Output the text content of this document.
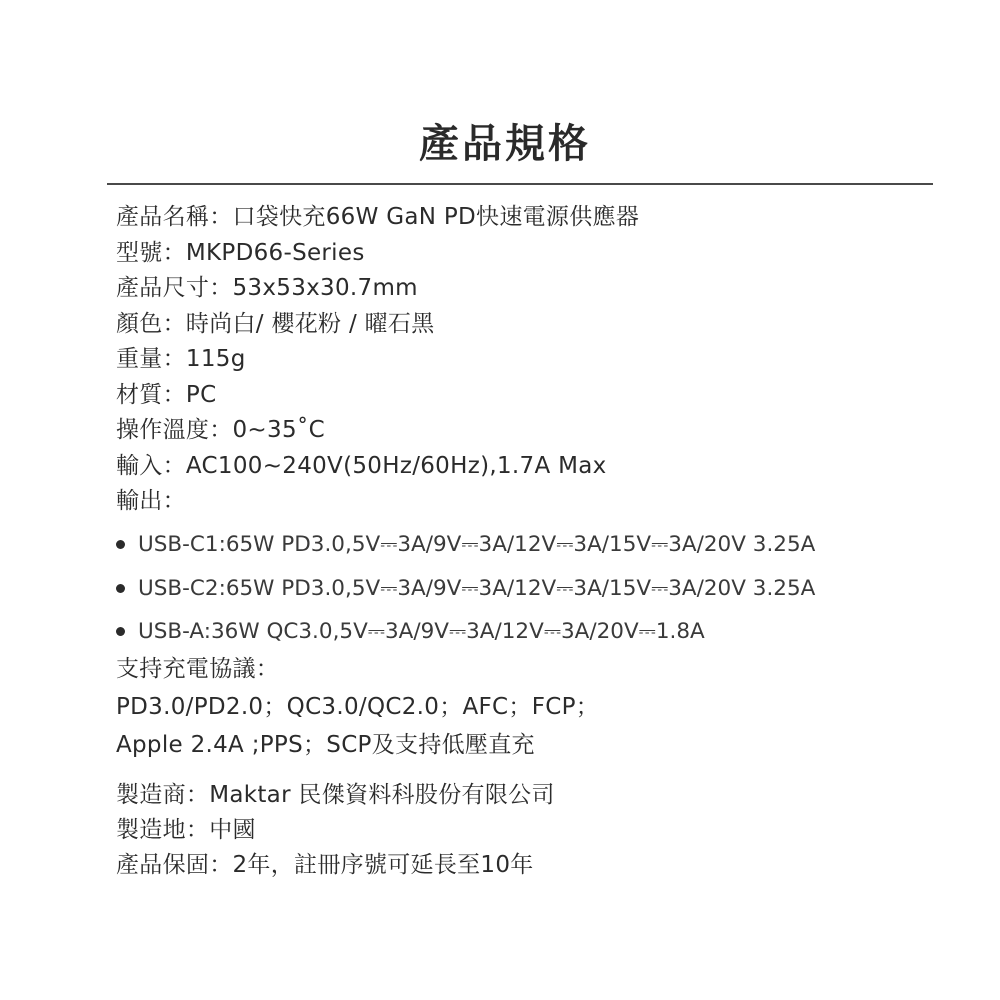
產品規格
產品名稱：口袋快充66W GaN PD快速電源供應器
型號：MKPD66-Series
產品尺寸：53x53x30.7mm
顏色：時尚白/ 櫻花粉 / 曜石黑
重量：115g
材質：PC
操作溫度：0~35˚C
輸入：AC100~240V(50Hz/60Hz),1.7A Max
輸出：
USB-C1:65W PD3.0,5V⎓3A/9V⎓3A/12V⎓3A/15V⎓3A/20V 3.25A
USB-C2:65W PD3.0,5V⎓3A/9V⎓3A/12V⎓3A/15V⎓3A/20V 3.25A
USB-A:36W QC3.0,5V⎓3A/9V⎓3A/12V⎓3A/20V⎓1.8A
支持充電協議：
PD3.0/PD2.0；QC3.0/QC2.0；AFC；FCP；
Apple 2.4A ;PPS；SCP及支持低壓直充
製造商：Maktar 民傑資料科股份有限公司
製造地：中國
產品保固：2年，註冊序號可延長至10年
